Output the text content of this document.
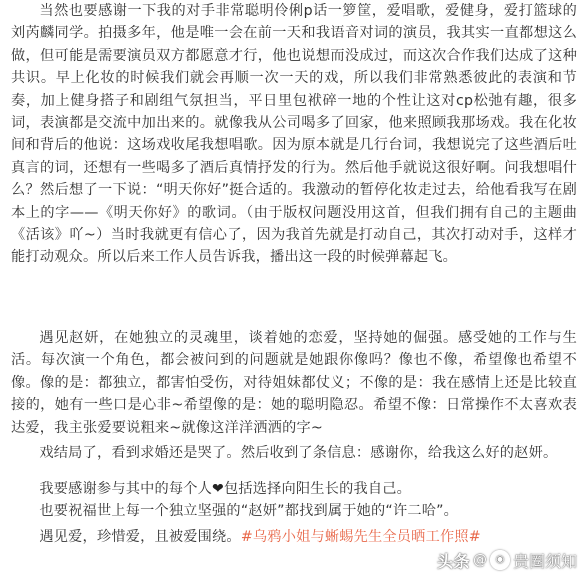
当然也要感谢一下我的对手非常聪明伶俐p话一箩筐，爱唱歌，爱健身，爱打篮球的刘芮麟同学。拍摄多年，他是唯一会在前一天和我语音对词的演员，我其实一直都想这么做，但可能是需要演员双方都愿意才行，他也说想而没成过，而这次合作我们达成了这种共识。早上化妆的时候我们就会再顺一次一天的戏，所以我们非常熟悉彼此的表演和节奏，加上健身搭子和剧组气氛担当，平日里包袱碎一地的个性让这对cp松弛有趣，很多词，表演都是交流中加出来的。就像我从公司喝多了回家，他来照顾我那场戏。我在化妆间和背后的他说：这场戏收尾我想唱歌。因为原本就是几行台词，我想说完了这些酒后吐真言的词，还想有一些喝多了酒后真情抒发的行为。然后他手就说这很好啊。问我想唱什么？然后想了一下说：“明天你好”挺合适的。我激动的暂停化妆走过去，给他看我写在剧本上的字——《明天你好》的歌词。（由于版权问题没用这首，但我们拥有自己的主题曲《活该》吖~）当时我就更有信心了，因为我首先就是打动自己，其次打动对手，这样才能打动观众。所以后来工作人员告诉我，播出这一段的时候弹幕起飞。

遇见赵妍，在她独立的灵魂里，谈着她的恋爱，坚持她的倔强。感受她的工作与生活。每次演一个角色，都会被问到的问题就是她跟你像吗？像也不像，希望像也希望不像。像的是：都独立，都害怕受伤，对待姐妹都仗义；不像的是：我在感情上还是比较直接的，她有一些口是心非~希望像的是：她的聪明隐忍。希望不像：日常操作不太喜欢表达爱，我主张爱要说粗来~就像这洋洋洒洒的字~

戏结局了，看到求婚还是哭了。然后收到了条信息：感谢你，给我这么好的赵妍。

我要感谢参与其中的每个人❤包括选择向阳生长的我自己。

也要祝福世上每一个独立坚强的“赵妍”都找到属于她的“许二哈”。

遇见爱，珍惜爱，且被爱围绕。#乌鸦小姐与蜥蜴先生全员晒工作照#

头条 @ ◉ 贵圈须知
